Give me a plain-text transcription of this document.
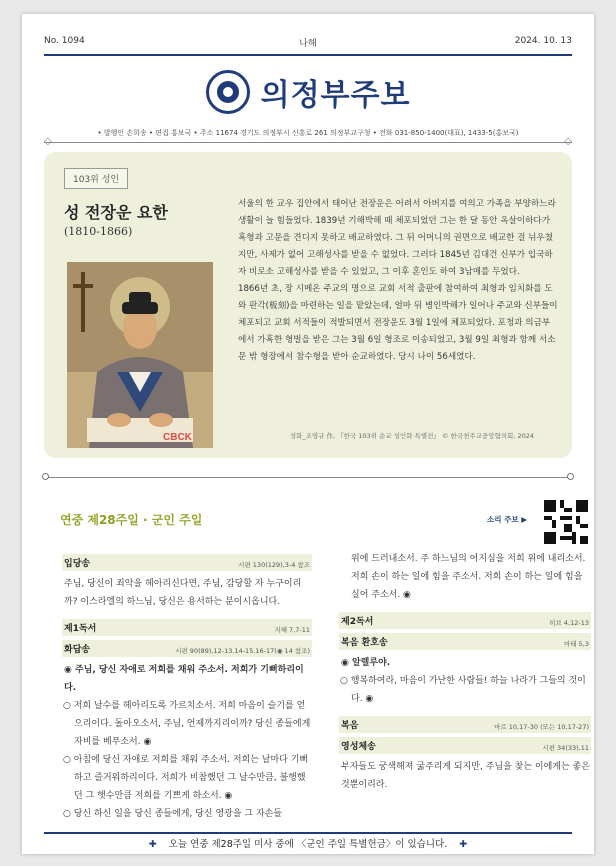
No. 1094	나해	2024. 10. 13
의정부주보
• 발행인 손희송 • 편집 홍보국 • 주소 11674 경기도 의정부시 신흥로 261 의정부교구청 • 전화 031-850-1400(대표), 1433-5(홍보국)
◇	◇
103위 성인
성 전장운 요한
(1810-1866)
CBCK

서울의 한 교우 집안에서 태어난 전장운은 어려서 아버지를 여의고 가족을 부양하느라 생활이 늘 힘들었다. 1839년 기해박해 때 체포되었던 그는 한 달 동안 옥살이하다가 혹형과 고문을 견디지 못하고 배교하였다. 그 뒤 어머니의 권면으로 배교한 걸 뉘우쳤지만, 사제가 없어 고해성사를 받을 수 없었다. 그러다 1845년 김대건 신부가 입국하자 비로소 고해성사를 받을 수 있었고, 그 이후 혼인도 하여 3남매를 두었다.

1866년 초, 장 시메온 주교의 명으로 교회 서적 출판에 참여하여 최형과 임치화를 도와 판각(板刻)을 마련하는 일을 맡았는데, 얼마 뒤 병인박해가 일어나 주교와 신부들이 체포되고 교회 서적들이 적발되면서 전장운도 3월 1일에 체포되었다. 포청과 의금부에서 가혹한 형벌을 받은 그는 3월 6일 형조로 이송되었고, 3월 9일 최형과 함께 서소문 밖 형장에서 참수형을 받아 순교하였다. 당시 나이 56세였다.

성화_조영규 作, 『한국 103위 순교 성인화 특별전』 © 한국천주교중앙협의회, 2024
연중 제28주일 · 군인 주일	소리 주보 ▶
입당송	시편 130(129),3-4 참조
주님, 당신이 죄악을 헤아리신다면, 주님, 감당할 자 누구이리까? 이스라엘의 하느님, 당신은 용서하는 분이시옵니다.
제1독서	지혜 7,7-11
화답송	시편 90(89),12-13.14-15.16-17(◉ 14 참조)
◉ 주님, 당신 자애로 저희를 채워 주소서. 저희가 기뻐하리이다.
○ 저희 날수를 헤아리도록 가르치소서. 저희 마음이 슬기를 얻으리이다. 돌아오소서, 주님, 언제까지리이까? 당신 종들에게 자비를 베푸소서. ◉
○ 아침에 당신 자애로 저희를 채워 주소서. 저희는 날마다 기뻐하고 즐거워하리이다. 저희가 비참했던 그 날수만큼, 불행했던 그 햇수만큼 저희를 기쁘게 하소서. ◉
○ 당신 하신 일을 당신 종들에게, 당신 영광을 그 자손들
위에 드러내소서. 주 하느님의 어지심을 저희 위에 내리소서. 저희 손이 하는 일에 힘을 주소서. 저희 손이 하는 일에 힘을 실어 주소서. ◉
제2독서	히브 4,12-13
복음 환호송	마태 5,3
◉ 알렐루야.
○ 행복하여라, 마음이 가난한 사람들! 하늘 나라가 그들의 것이다. ◉
복음	마르 10,17-30 (또는 10,17-27)
영성체송	시편 34(33),11
부자들도 궁색해져 굶주리게 되지만, 주님을 찾는 이에게는 좋은 것뿐이리라.
✚ 오늘 연중 제28주일 미사 중에 〈군인 주일 특별헌금〉이 있습니다. ✚
